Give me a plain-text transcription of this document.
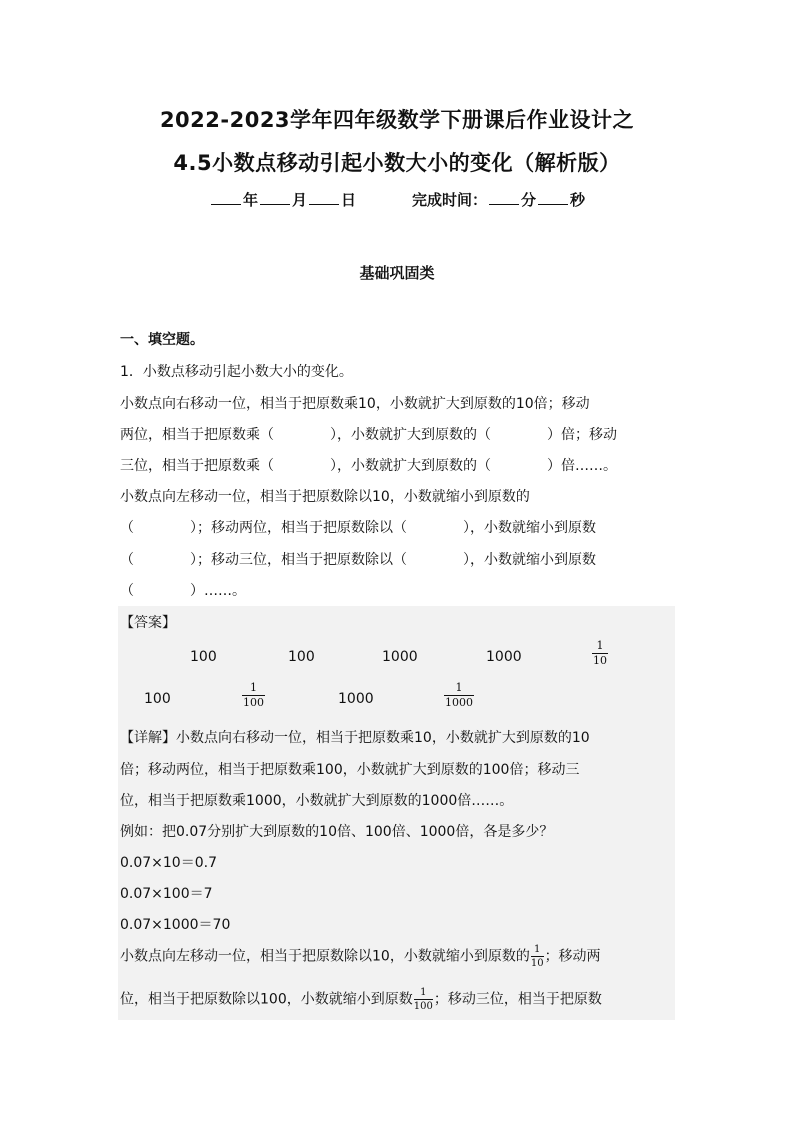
2022-2023学年四年级数学下册课后作业设计之
4.5小数点移动引起小数大小的变化（解析版）
年 月 日	完成时间： 分 秒
基础巩固类
一、填空题。
1．小数点移动引起小数大小的变化。
小数点向右移动一位，相当于把原数乘10，小数就扩大到原数的10倍；移动
两位，相当于把原数乘（　　　　），小数就扩大到原数的（　　　　）倍；移动
三位，相当于把原数乘（　　　　），小数就扩大到原数的（　　　　）倍……。
小数点向左移动一位，相当于把原数除以10，小数就缩小到原数的
（　　　　）；移动两位，相当于把原数除以（　　　　），小数就缩小到原数
（　　　　）；移动三位，相当于把原数除以（　　　　），小数就缩小到原数
（　　　　）……。
【答案】
100	100	1000	1000
1
10
100
1
100	1000
1
1000
【详解】小数点向右移动一位，相当于把原数乘10，小数就扩大到原数的10
倍；移动两位，相当于把原数乘100，小数就扩大到原数的100倍；移动三
位，相当于把原数乘1000，小数就扩大到原数的1000倍……。
例如：把0.07分别扩大到原数的10倍、100倍、1000倍，各是多少？
0.07×10＝0.7
0.07×100＝7
0.07×1000＝70
小数点向左移动一位，相当于把原数除以10，小数就缩小到原数的 $\frac{1}{10}$ ；移动两
位，相当于把原数除以100，小数就缩小到原数 $\frac{1}{100}$ ；移动三位，相当于把原数
